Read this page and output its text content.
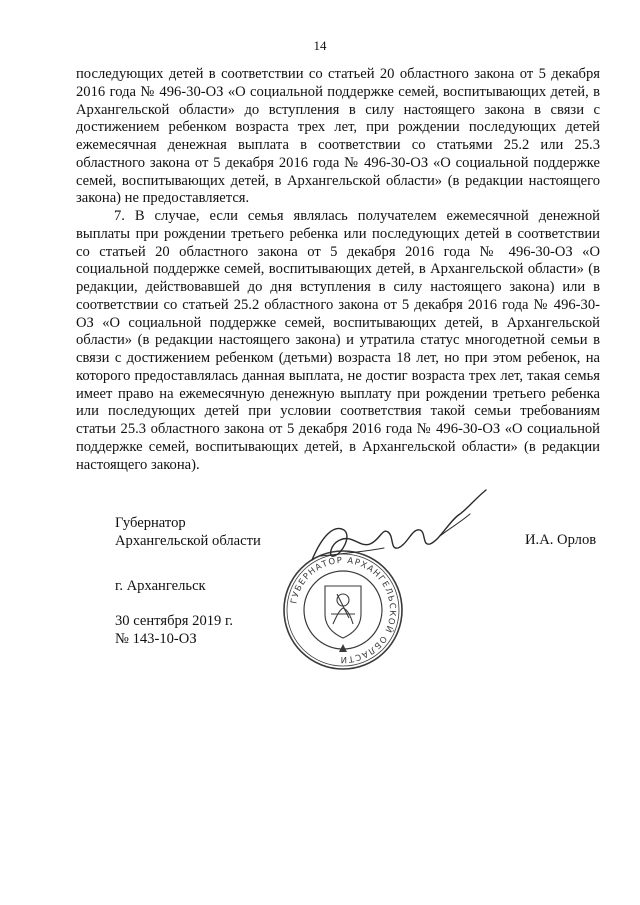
14

последующих детей в соответствии со статьей 20 областного закона от 5 декабря 2016 года № 496-30-ОЗ «О социальной поддержке семей, воспитывающих детей, в Архангельской области» до вступления в силу настоящего закона в связи с достижением ребенком возраста трех лет, при рождении последующих детей ежемесячная денежная выплата в соответствии со статьями 25.2 или 25.3 областного закона от 5 декабря 2016 года № 496-30-ОЗ «О социальной поддержке семей, воспитывающих детей, в Архангельской области» (в редакции настоящего закона) не предоставляется.

7. В случае, если семья являлась получателем ежемесячной денежной выплаты при рождении третьего ребенка или последующих детей в соответствии со статьей 20 областного закона от 5 декабря 2016 года № 496-30-ОЗ «О социальной поддержке семей, воспитывающих детей, в Архангельской области» (в редакции, действовавшей до дня вступления в силу настоящего закона) или в соответствии со статьей 25.2 областного закона от 5 декабря 2016 года № 496-30-ОЗ «О социальной поддержке семей, воспитывающих детей, в Архангельской области» (в редакции настоящего закона) и утратила статус многодетной семьи в связи с достижением ребенком (детьми) возраста 18 лет, но при этом ребенок, на которого предоставлялась данная выплата, не достиг возраста трех лет, такая семья имеет право на ежемесячную денежную выплату при рождении третьего ребенка или последующих детей при условии соответствия такой семьи требованиям статьи 25.3 областного закона от 5 декабря 2016 года № 496-30-ОЗ «О социальной поддержке семей, воспитывающих детей, в Архангельской области» (в редакции настоящего закона).

Губернатор
Архангельской области	И.А. Орлов
г. Архангельск
30 сентября 2019 г.
№ 143-10-ОЗ
ГУБЕРНАТОР АРХАНГЕЛЬСКОЙ ОБЛАСТИ
